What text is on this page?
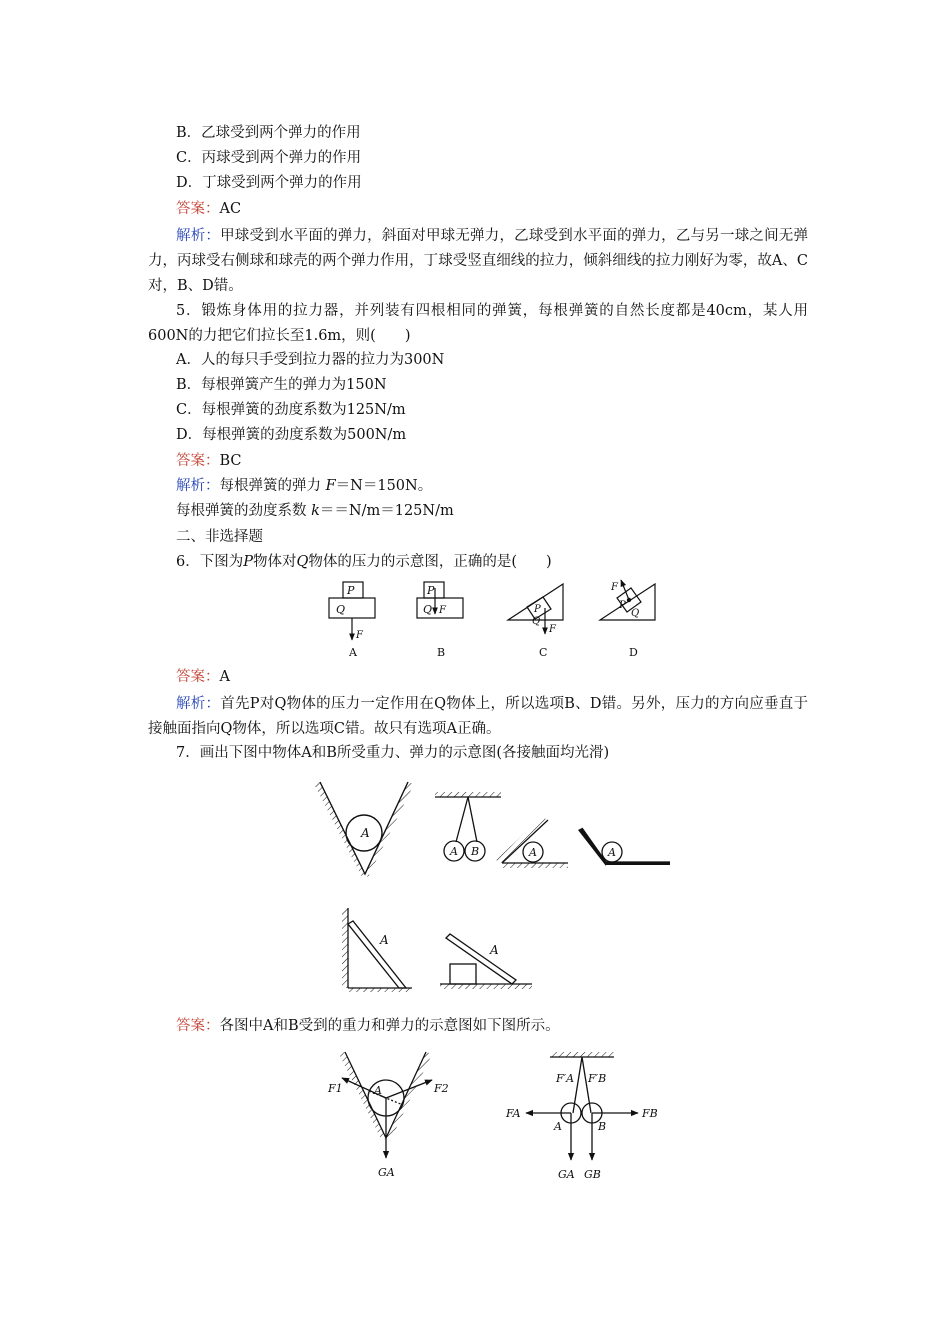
B．乙球受到两个弹力的作用
C．丙球受到两个弹力的作用
D．丁球受到两个弹力的作用
答案：AC
解析：甲球受到水平面的弹力，斜面对甲球无弹力，乙球受到水平面的弹力，乙与另一球之间无弹力，丙球受右侧球和球壳的两个弹力作用，丁球受竖直细线的拉力，倾斜细线的拉力刚好为零，故A、C对，B、D错。
5．锻炼身体用的拉力器，并列装有四根相同的弹簧，每根弹簧的自然长度都是40cm，某人用600N的力把它们拉长至1.6m，则(　　)
A．人的每只手受到拉力器的拉力为300N
B．每根弹簧产生的弹力为150N
C．每根弹簧的劲度系数为125N/m
D．每根弹簧的劲度系数为500N/m
答案：BC
解析：每根弹簧的弹力 F＝N＝150N。
每根弹簧的劲度系数 k＝＝N/m＝125N/m
二、非选择题
6．下图为P物体对Q物体的压力的示意图，正确的是(　　)
P
Q
F
A
P
Q F
B
P
Q
F
C
F
P
Q
D
答案：A
解析：首先P对Q物体的压力一定作用在Q物体上，所以选项B、D错。另外，压力的方向应垂直于接触面指向Q物体，所以选项C错。故只有选项A正确。
7．画出下图中物体A和B所受重力、弹力的示意图(各接触面均光滑)
A
A B	A	A
A
A
答案：各图中A和B受到的重力和弹力的示意图如下图所示。
F1	F2
A
GA
F′A F′B
FA	FB
A	B
GA GB
